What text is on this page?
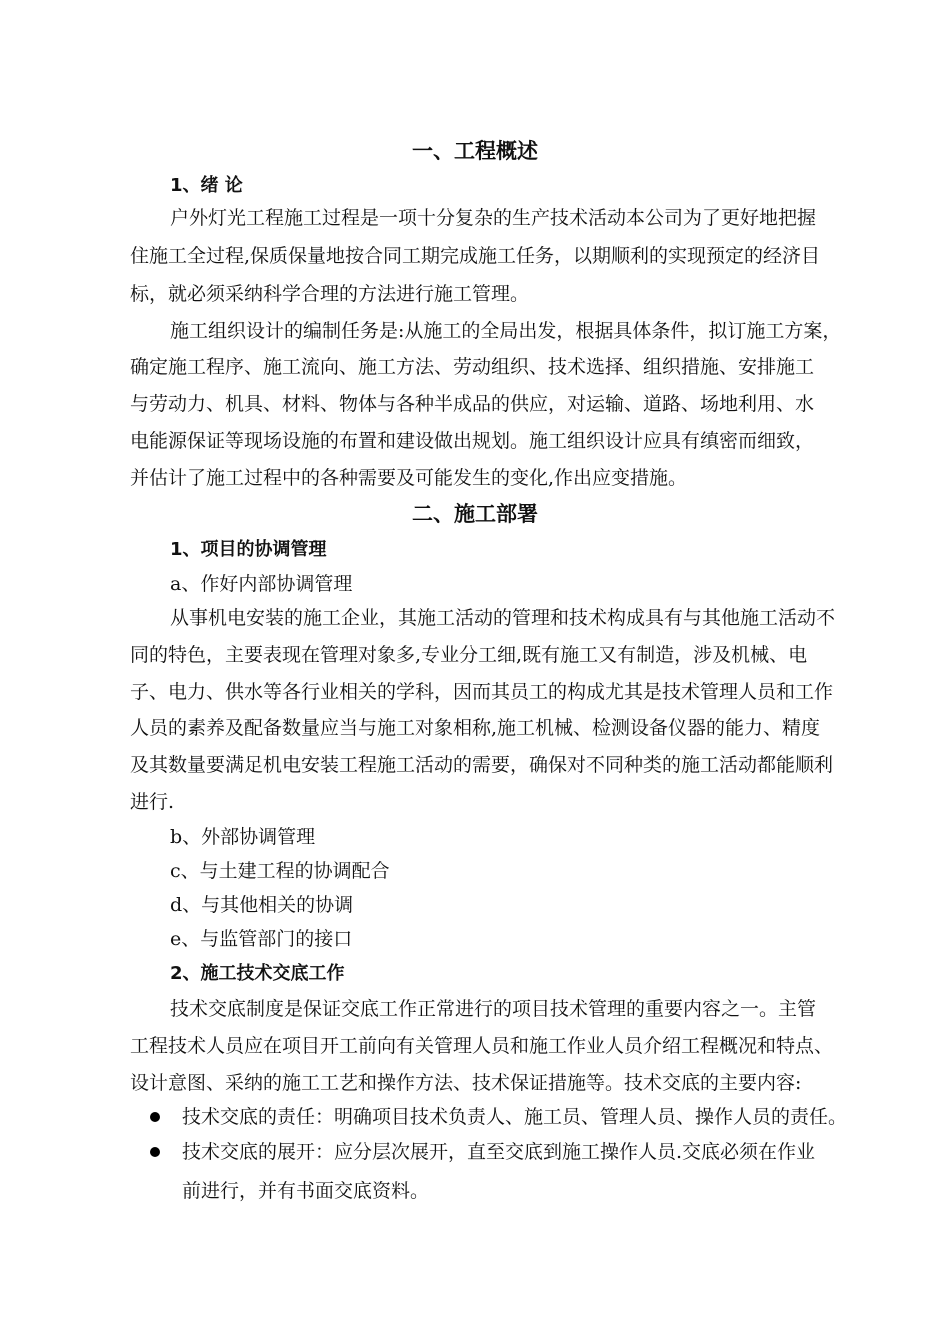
一、工程概述
1、绪 论
户外灯光工程施工过程是一项十分复杂的生产技术活动本公司为了更好地把握
住施工全过程,保质保量地按合同工期完成施工任务，以期顺利的实现预定的经济目
标，就必须采纳科学合理的方法进行施工管理。
施工组织设计的编制任务是:从施工的全局出发，根据具体条件，拟订施工方案，
确定施工程序、施工流向、施工方法、劳动组织、技术选择、组织措施、安排施工
与劳动力、机具、材料、物体与各种半成品的供应，对运输、道路、场地利用、水
电能源保证等现场设施的布置和建设做出规划。施工组织设计应具有缜密而细致，
并估计了施工过程中的各种需要及可能发生的变化,作出应变措施。
二、施工部署
1、项目的协调管理
a、作好内部协调管理
从事机电安装的施工企业，其施工活动的管理和技术构成具有与其他施工活动不
同的特色，主要表现在管理对象多,专业分工细,既有施工又有制造，涉及机械、电
子、电力、供水等各行业相关的学科，因而其员工的构成尤其是技术管理人员和工作
人员的素养及配备数量应当与施工对象相称,施工机械、检测设备仪器的能力、精度
及其数量要满足机电安装工程施工活动的需要，确保对不同种类的施工活动都能顺利
进行.
b、外部协调管理
c、与土建工程的协调配合
d、与其他相关的协调
e、与监管部门的接口
2、施工技术交底工作
技术交底制度是保证交底工作正常进行的项目技术管理的重要内容之一。主管
工程技术人员应在项目开工前向有关管理人员和施工作业人员介绍工程概况和特点、
设计意图、采纳的施工工艺和操作方法、技术保证措施等。技术交底的主要内容:
技术交底的责任：明确项目技术负责人、施工员、管理人员、操作人员的责任。
技术交底的展开：应分层次展开，直至交底到施工操作人员.交底必须在作业
前进行，并有书面交底资料。
